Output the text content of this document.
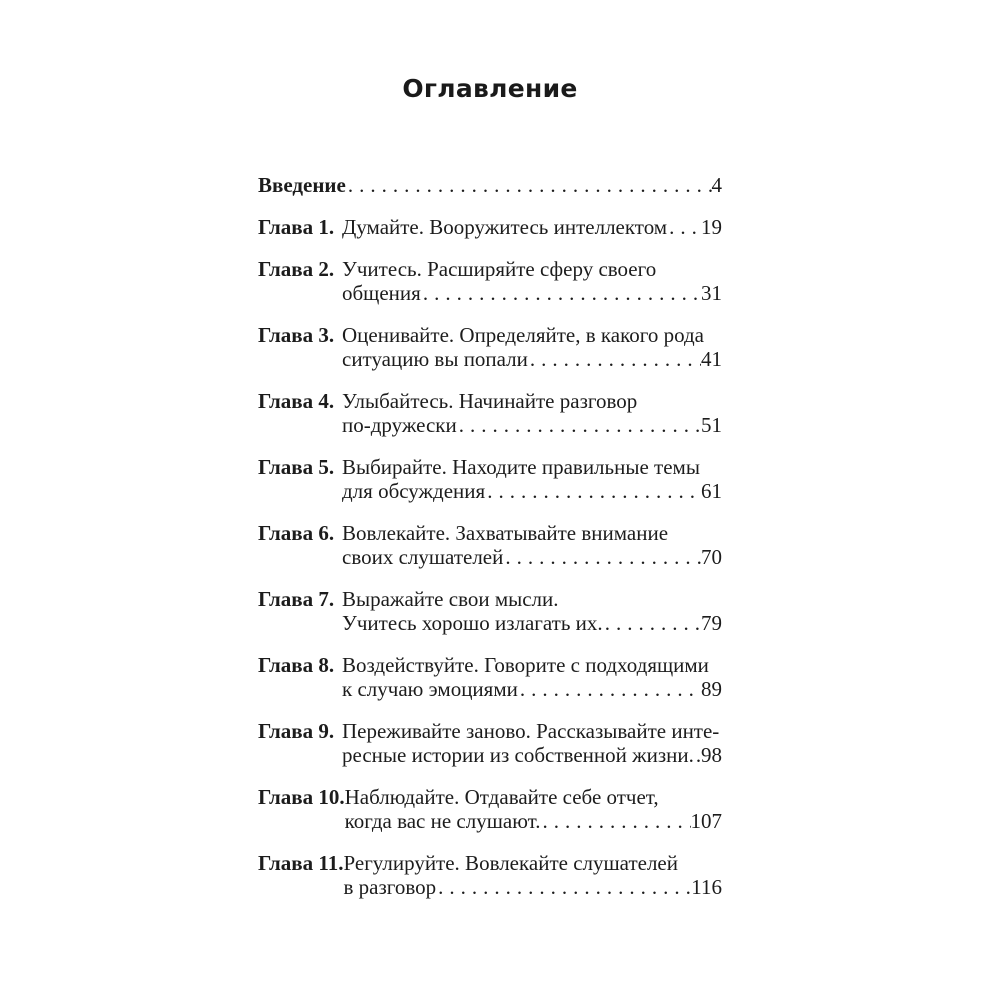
Оглавление
Введение .....	4
Глава 1. Думайте. Вооружитесь интеллектом ..... 19
Глава 2. Учитесь. Расширяйте сферу своего
общения .....	31
Глава 3. Оценивайте. Определяйте, в какого рода
ситуацию вы попали .....	41
Глава 4. Улыбайтесь. Начинайте разговор
по-дружески .....	51
Глава 5. Выбирайте. Находите правильные темы
для обсуждения .....	61
Глава 6. Вовлекайте. Захватывайте внимание
своих слушателей .....	70
Глава 7. Выражайте свои мысли.
Учитесь хорошо излагать их. .....	79
Глава 8. Воздействуйте. Говорите с подходящими
к случаю эмоциями .....	89
Глава 9. Переживайте заново. Рассказывайте инте-
ресные истории из собственной жизни. ..... 98
Глава 10. Наблюдайте. Отдавайте себе отчет,
когда вас не слушают. .....	107
Глава 11. Регулируйте. Вовлекайте слушателей
в разговор .....	116
